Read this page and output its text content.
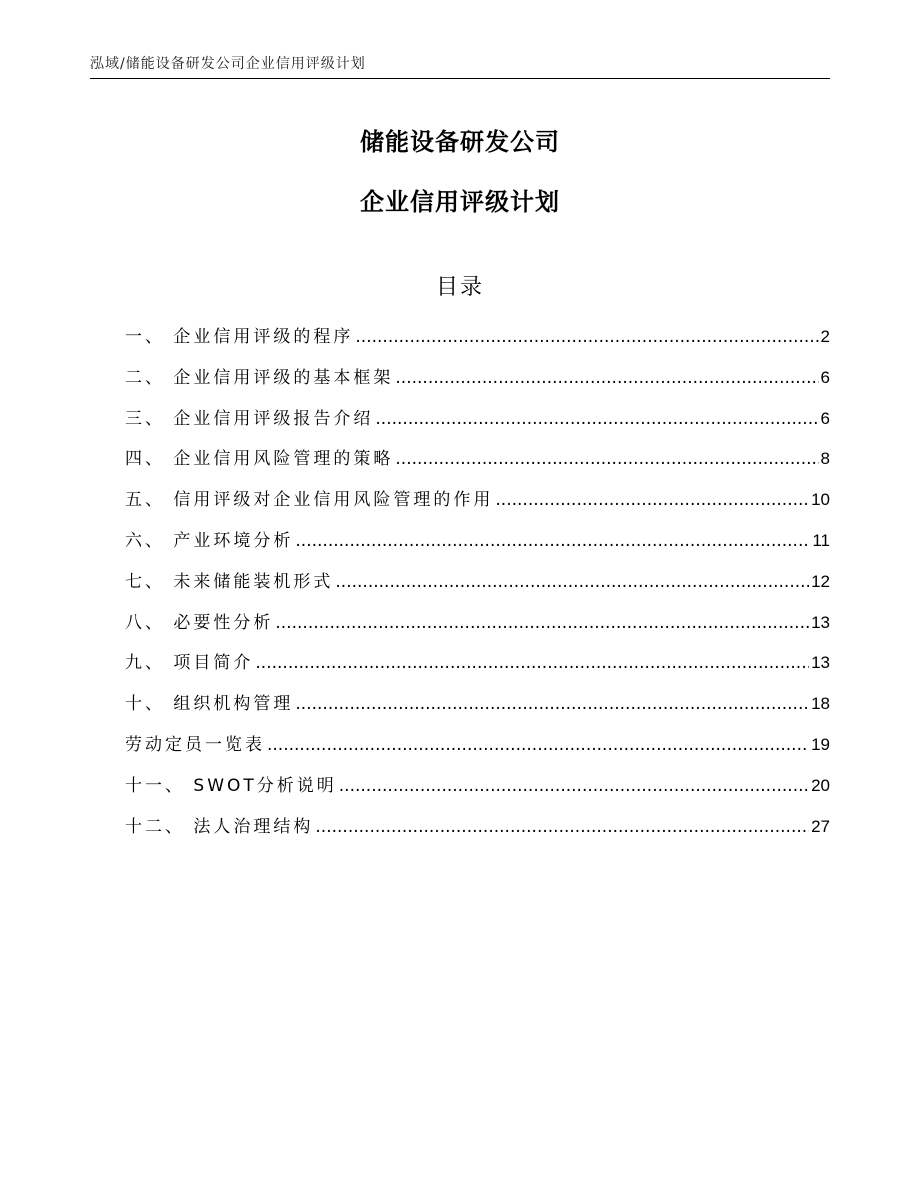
泓域/储能设备研发公司企业信用评级计划
储能设备研发公司
企业信用评级计划
目录
一、 企业信用评级的程序 .....	2
二、 企业信用评级的基本框架 .....	6
三、 企业信用评级报告介绍 .....	6
四、 企业信用风险管理的策略 .....	8
五、 信用评级对企业信用风险管理的作用 .....	10
六、 产业环境分析 .....	11
七、 未来储能装机形式 .....	12
八、 必要性分析 .....	13
九、 项目简介 .....	13
十、 组织机构管理 .....	18
劳动定员一览表 .....	19
十一、 SWOT分析说明 .....	20
十二、 法人治理结构 .....	27
